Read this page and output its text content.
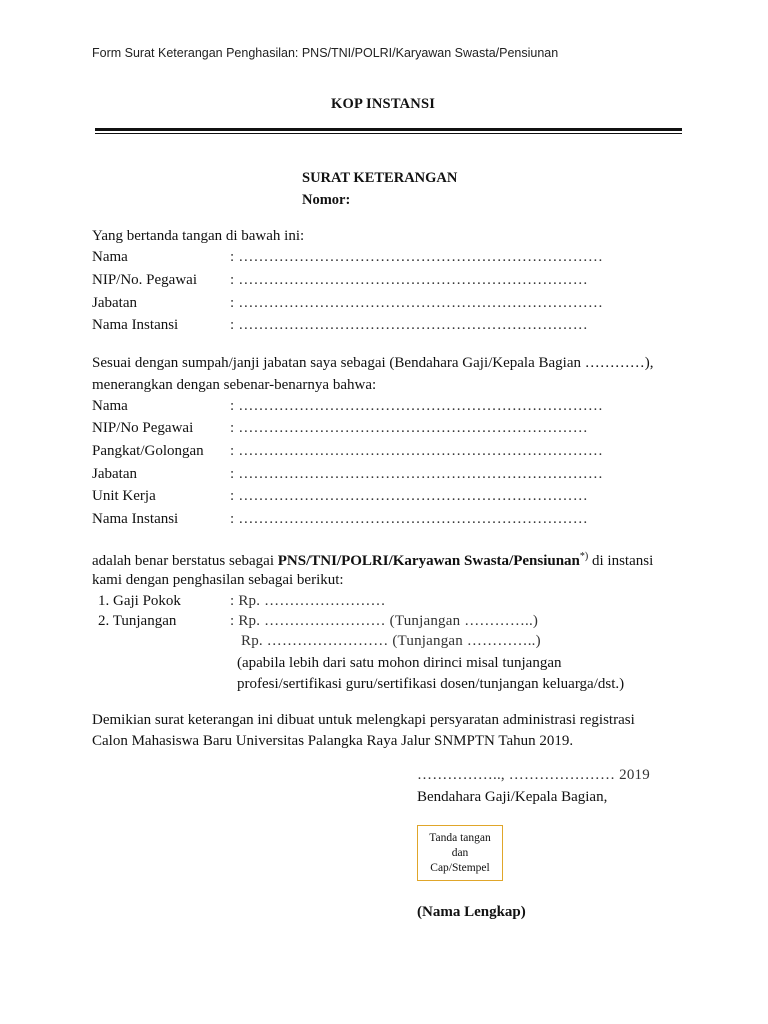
Form Surat Keterangan Penghasilan: PNS/TNI/POLRI/Karyawan Swasta/Pensiunan
KOP INSTANSI
SURAT KETERANGAN
Nomor:
Yang bertanda tangan di bawah ini:
Nama	: ………………………………………………………………
NIP/No. Pegawai : ……………………………………………………………
Jabatan	: ………………………………………………………………
Nama Instansi	: ……………………………………………………………
Sesuai dengan sumpah/janji jabatan saya sebagai (Bendahara Gaji/Kepala Bagian …………),
menerangkan dengan sebenar-benarnya bahwa:
Nama	: ………………………………………………………………
NIP/No Pegawai : ……………………………………………………………
Pangkat/Golongan : ………………………………………………………………
Jabatan	: ………………………………………………………………
Unit Kerja	: ……………………………………………………………
Nama Instansi	: ……………………………………………………………
adalah benar berstatus sebagai PNS/TNI/POLRI/Karyawan Swasta/Pensiunan*) di instansi
kami dengan penghasilan sebagai berikut:
1. Gaji Pokok	: Rp. ……………………
2. Tunjangan	: Rp. …………………… (Tunjangan …………..)
Rp. …………………… (Tunjangan …………..)
(apabila lebih dari satu mohon dirinci misal tunjangan
profesi/sertifikasi guru/sertifikasi dosen/tunjangan keluarga/dst.)
Demikian surat keterangan ini dibuat untuk melengkapi persyaratan administrasi registrasi
Calon Mahasiswa Baru Universitas Palangka Raya Jalur SNMPTN Tahun 2019.
…………….., ………………… 2019
Bendahara Gaji/Kepala Bagian,
Tanda tangan
dan
Cap/Stempel
(Nama Lengkap)
